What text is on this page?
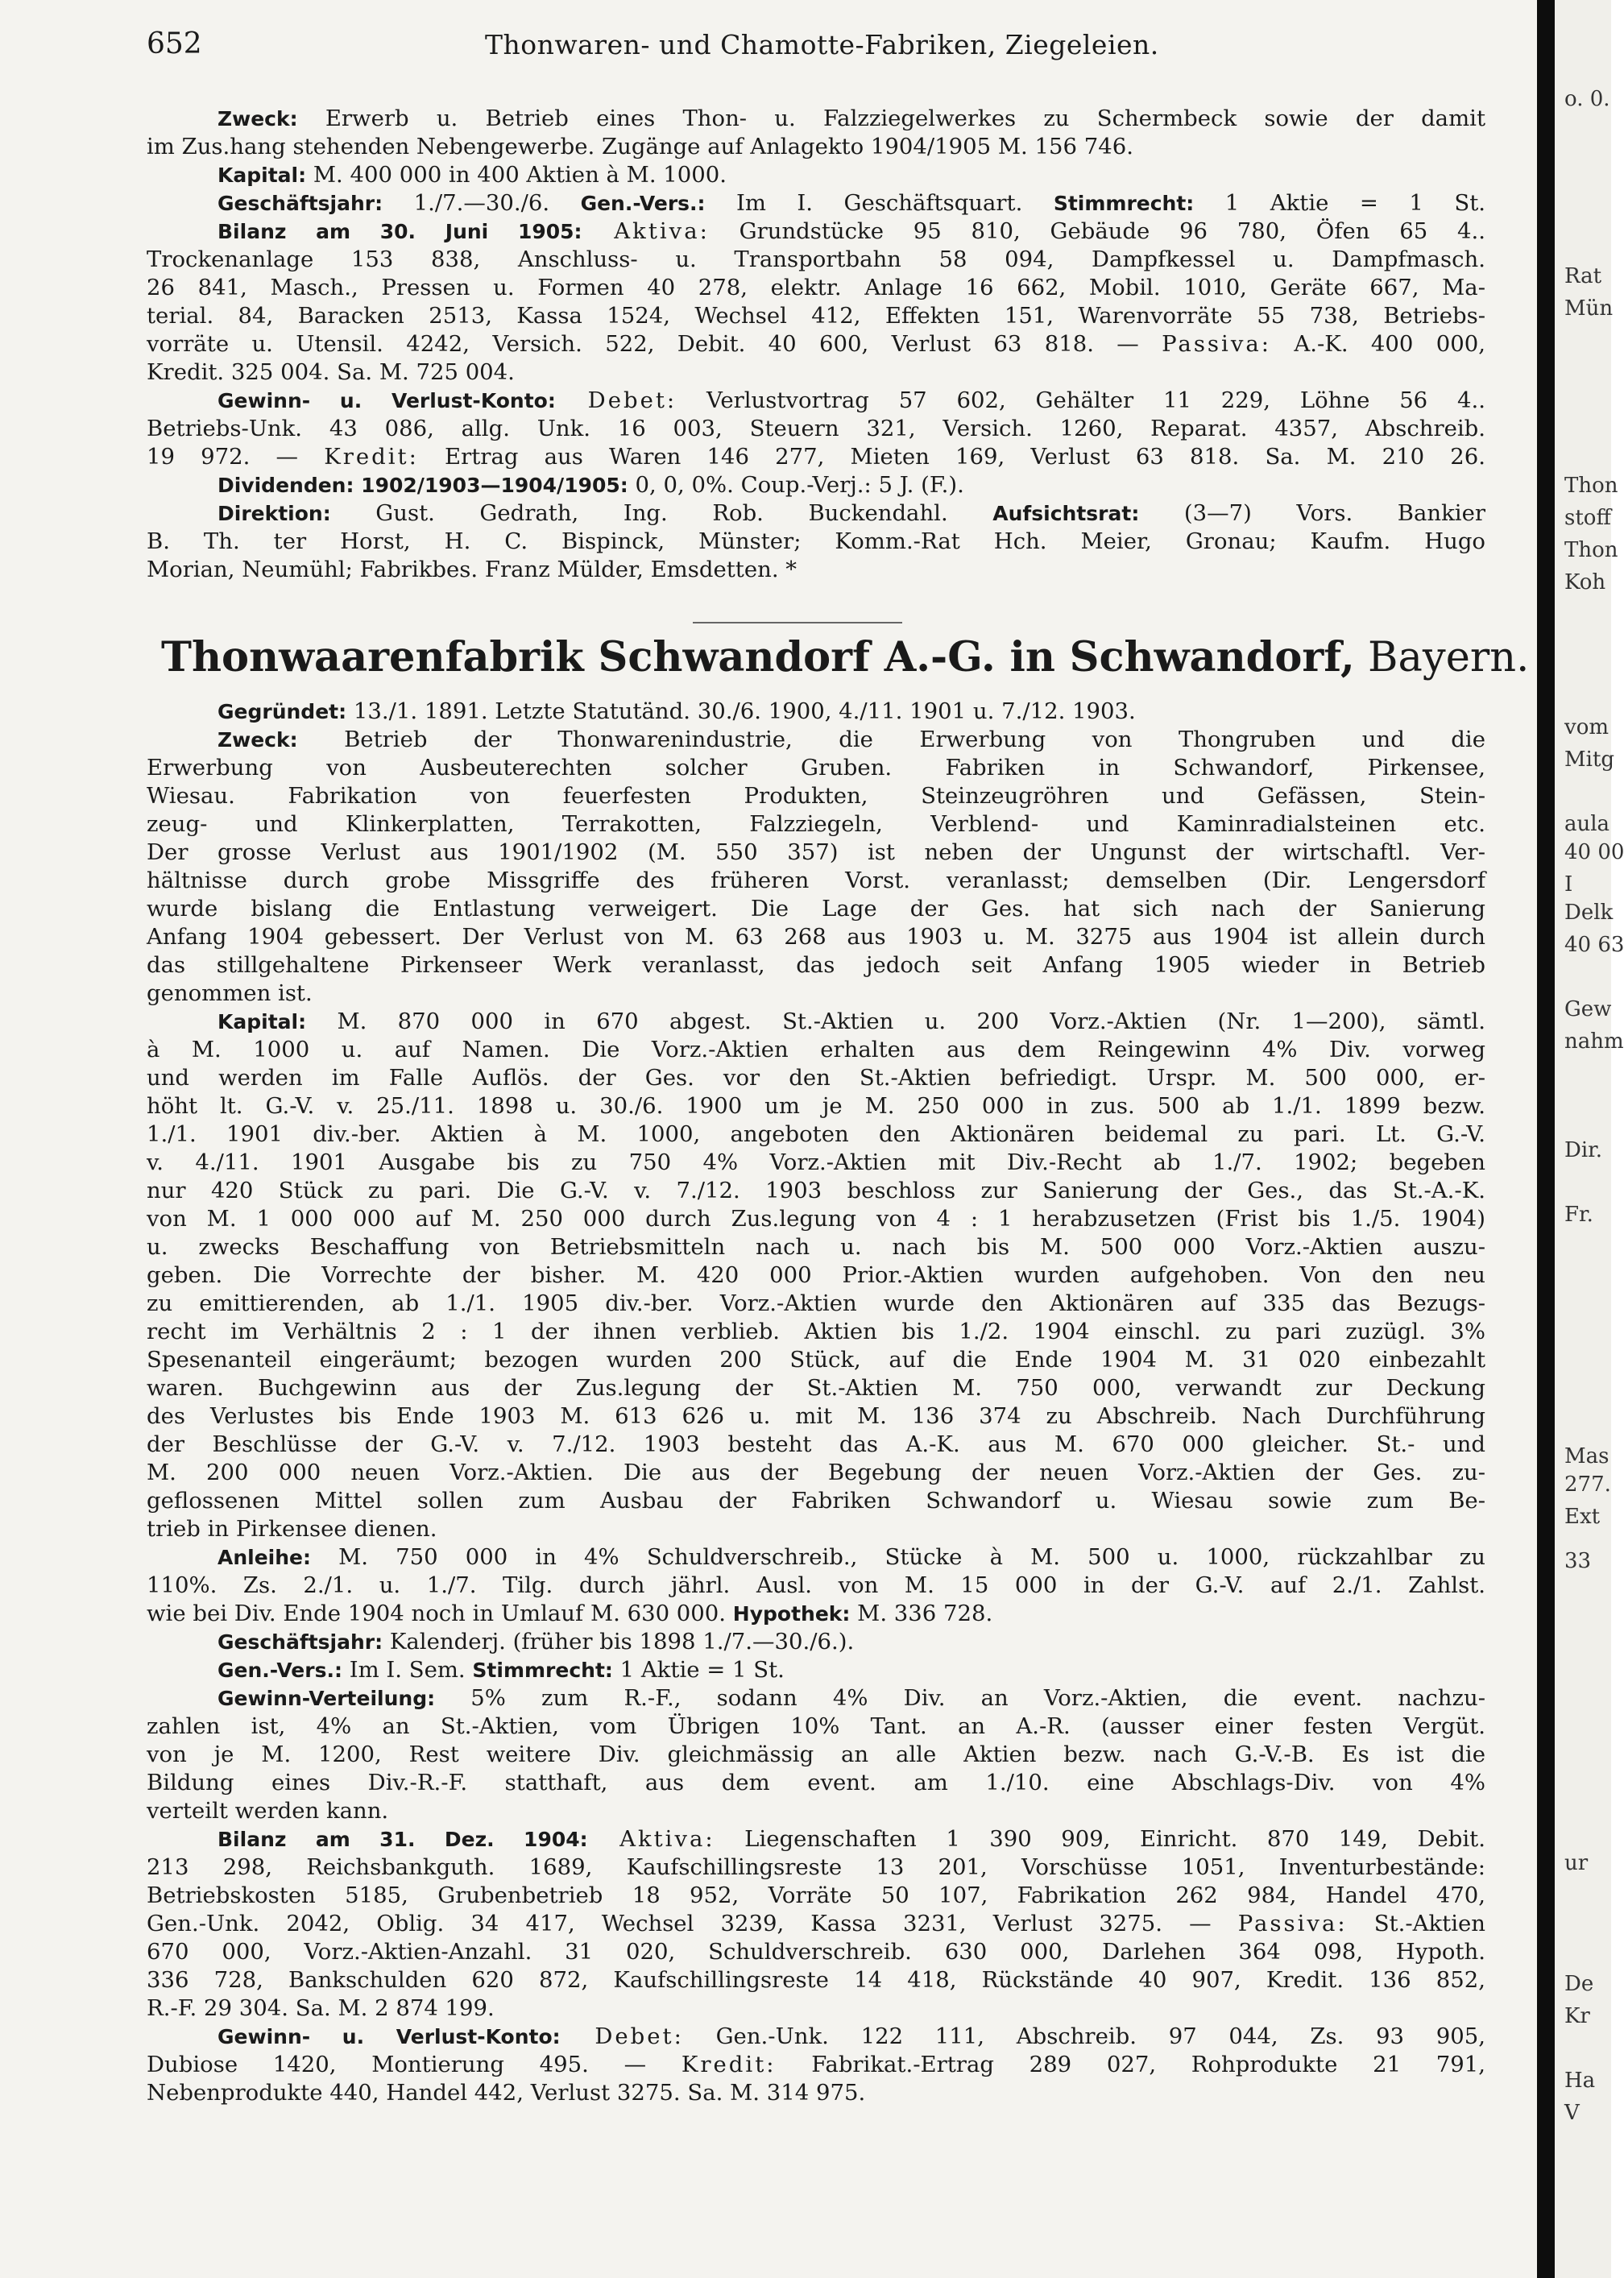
652	Thonwaren- und Chamotte-Fabriken, Ziegeleien.
Zweck: Erwerb u. Betrieb eines Thon- u. Falzziegelwerkes zu Schermbeck sowie der damit
im Zus.hang stehenden Nebengewerbe. Zugänge auf Anlagekto 1904/1905 M. 156 746.
Kapital: M. 400 000 in 400 Aktien à M. 1000.
Geschäftsjahr: 1./7.—30./6. Gen.-Vers.: Im I. Geschäftsquart. Stimmrecht: 1 Aktie = 1 St.
Bilanz am 30. Juni 1905: Aktiva: Grundstücke 95 810, Gebäude 96 780, Öfen 65 4..
Trockenanlage 153 838, Anschluss- u. Transportbahn 58 094, Dampfkessel u. Dampfmasch.
26 841, Masch., Pressen u. Formen 40 278, elektr. Anlage 16 662, Mobil. 1010, Geräte 667, Ma-
terial. 84, Baracken 2513, Kassa 1524, Wechsel 412, Effekten 151, Warenvorräte 55 738, Betriebs-
vorräte u. Utensil. 4242, Versich. 522, Debit. 40 600, Verlust 63 818. — Passiva: A.-K. 400 000,
Kredit. 325 004. Sa. M. 725 004.
Gewinn- u. Verlust-Konto: Debet: Verlustvortrag 57 602, Gehälter 11 229, Löhne 56 4..
Betriebs-Unk. 43 086, allg. Unk. 16 003, Steuern 321, Versich. 1260, Reparat. 4357, Abschreib.
19 972. — Kredit: Ertrag aus Waren 146 277, Mieten 169, Verlust 63 818. Sa. M. 210 26.
Dividenden: 1902/1903—1904/1905: 0, 0, 0%. Coup.-Verj.: 5 J. (F.).
Direktion: Gust. Gedrath, Ing. Rob. Buckendahl. Aufsichtsrat: (3—7) Vors. Bankier
B. Th. ter Horst, H. C. Bispinck, Münster; Komm.-Rat Hch. Meier, Gronau; Kaufm. Hugo
Morian, Neumühl; Fabrikbes. Franz Mülder, Emsdetten. *
Thonwaarenfabrik Schwandorf A.-G. in Schwandorf, Bayern.
Gegründet: 13./1. 1891. Letzte Statutänd. 30./6. 1900, 4./11. 1901 u. 7./12. 1903.
Zweck: Betrieb der Thonwarenindustrie, die Erwerbung von Thongruben und die
Erwerbung von Ausbeuterechten solcher Gruben. Fabriken in Schwandorf, Pirkensee,
Wiesau. Fabrikation von feuerfesten Produkten, Steinzeugröhren und Gefässen, Stein-
zeug- und Klinkerplatten, Terrakotten, Falzziegeln, Verblend- und Kaminradialsteinen etc.
Der grosse Verlust aus 1901/1902 (M. 550 357) ist neben der Ungunst der wirtschaftl. Ver-
hältnisse durch grobe Missgriffe des früheren Vorst. veranlasst; demselben (Dir. Lengersdorf
wurde bislang die Entlastung verweigert. Die Lage der Ges. hat sich nach der Sanierung
Anfang 1904 gebessert. Der Verlust von M. 63 268 aus 1903 u. M. 3275 aus 1904 ist allein durch
das stillgehaltene Pirkenseer Werk veranlasst, das jedoch seit Anfang 1905 wieder in Betrieb
genommen ist.
Kapital: M. 870 000 in 670 abgest. St.-Aktien u. 200 Vorz.-Aktien (Nr. 1—200), sämtl.
à M. 1000 u. auf Namen. Die Vorz.-Aktien erhalten aus dem Reingewinn 4% Div. vorweg
und werden im Falle Auflös. der Ges. vor den St.-Aktien befriedigt. Urspr. M. 500 000, er-
höht lt. G.-V. v. 25./11. 1898 u. 30./6. 1900 um je M. 250 000 in zus. 500 ab 1./1. 1899 bezw.
1./1. 1901 div.-ber. Aktien à M. 1000, angeboten den Aktionären beidemal zu pari. Lt. G.-V.
v. 4./11. 1901 Ausgabe bis zu 750 4% Vorz.-Aktien mit Div.-Recht ab 1./7. 1902; begeben
nur 420 Stück zu pari. Die G.-V. v. 7./12. 1903 beschloss zur Sanierung der Ges., das St.-A.-K.
von M. 1 000 000 auf M. 250 000 durch Zus.legung von 4 : 1 herabzusetzen (Frist bis 1./5. 1904)
u. zwecks Beschaffung von Betriebsmitteln nach u. nach bis M. 500 000 Vorz.-Aktien auszu-
geben. Die Vorrechte der bisher. M. 420 000 Prior.-Aktien wurden aufgehoben. Von den neu
zu emittierenden, ab 1./1. 1905 div.-ber. Vorz.-Aktien wurde den Aktionären auf 335 das Bezugs-
recht im Verhältnis 2 : 1 der ihnen verblieb. Aktien bis 1./2. 1904 einschl. zu pari zuzügl. 3%
Spesenanteil eingeräumt; bezogen wurden 200 Stück, auf die Ende 1904 M. 31 020 einbezahlt
waren. Buchgewinn aus der Zus.legung der St.-Aktien M. 750 000, verwandt zur Deckung
des Verlustes bis Ende 1903 M. 613 626 u. mit M. 136 374 zu Abschreib. Nach Durchführung
der Beschlüsse der G.-V. v. 7./12. 1903 besteht das A.-K. aus M. 670 000 gleicher. St.- und
M. 200 000 neuen Vorz.-Aktien. Die aus der Begebung der neuen Vorz.-Aktien der Ges. zu-
geflossenen Mittel sollen zum Ausbau der Fabriken Schwandorf u. Wiesau sowie zum Be-
trieb in Pirkensee dienen.
Anleihe: M. 750 000 in 4% Schuldverschreib., Stücke à M. 500 u. 1000, rückzahlbar zu
110%. Zs. 2./1. u. 1./7. Tilg. durch jährl. Ausl. von M. 15 000 in der G.-V. auf 2./1. Zahlst.
wie bei Div. Ende 1904 noch in Umlauf M. 630 000. Hypothek: M. 336 728.
Geschäftsjahr: Kalenderj. (früher bis 1898 1./7.—30./6.).
Gen.-Vers.: Im I. Sem. Stimmrecht: 1 Aktie = 1 St.
Gewinn-Verteilung: 5% zum R.-F., sodann 4% Div. an Vorz.-Aktien, die event. nachzu-
zahlen ist, 4% an St.-Aktien, vom Übrigen 10% Tant. an A.-R. (ausser einer festen Vergüt.
von je M. 1200, Rest weitere Div. gleichmässig an alle Aktien bezw. nach G.-V.-B. Es ist die
Bildung eines Div.-R.-F. statthaft, aus dem event. am 1./10. eine Abschlags-Div. von 4%
verteilt werden kann.
Bilanz am 31. Dez. 1904: Aktiva: Liegenschaften 1 390 909, Einricht. 870 149, Debit.
213 298, Reichsbankguth. 1689, Kaufschillingsreste 13 201, Vorschüsse 1051, Inventurbestände:
Betriebskosten 5185, Grubenbetrieb 18 952, Vorräte 50 107, Fabrikation 262 984, Handel 470,
Gen.-Unk. 2042, Oblig. 34 417, Wechsel 3239, Kassa 3231, Verlust 3275. — Passiva: St.-Aktien
670 000, Vorz.-Aktien-Anzahl. 31 020, Schuldverschreib. 630 000, Darlehen 364 098, Hypoth.
336 728, Bankschulden 620 872, Kaufschillingsreste 14 418, Rückstände 40 907, Kredit. 136 852,
R.-F. 29 304. Sa. M. 2 874 199.
Gewinn- u. Verlust-Konto: Debet: Gen.-Unk. 122 111, Abschreib. 97 044, Zs. 93 905,
Dubiose 1420, Montierung 495. — Kredit: Fabrikat.-Ertrag 289 027, Rohprodukte 21 791,
Nebenprodukte 440, Handel 442, Verlust 3275. Sa. M. 314 975.
o. 0.
Rat
Mün
Thon
stoff
Thon
Koh
vom
Mitg
aula
40 00
I
Delk
40 63
Gew
nahm
Dir.
Fr.
Mas
277.
Ext
33
ur
De
Kr
Ha
V
